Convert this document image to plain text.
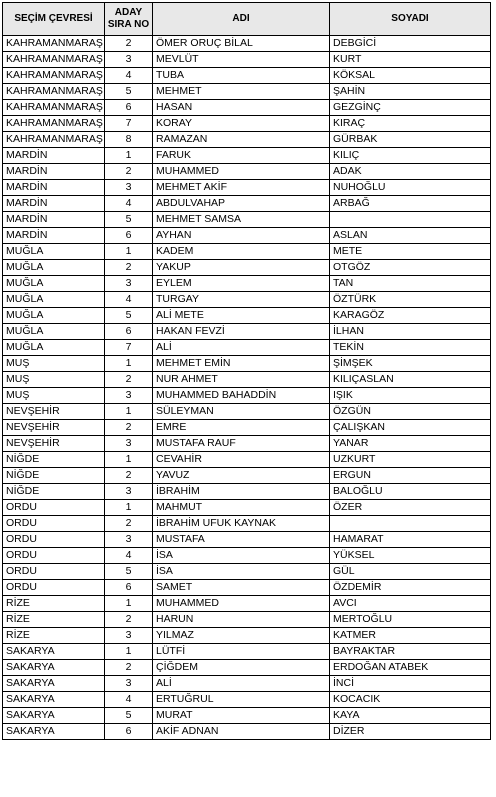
SEÇİM ÇEVRESİ	ADAY
SIRA NO	ADI	SOYADI
KAHRAMANMARAŞ	2	ÖMER ORUÇ BİLAL	DEBGİCİ
KAHRAMANMARAŞ	3	MEVLÜT	KURT
KAHRAMANMARAŞ	4	TUBA	KÖKSAL
KAHRAMANMARAŞ	5	MEHMET	ŞAHİN
KAHRAMANMARAŞ	6	HASAN	GEZGİNÇ
KAHRAMANMARAŞ	7	KORAY	KIRAÇ
KAHRAMANMARAŞ	8	RAMAZAN	GÜRBAK
MARDİN	1	FARUK	KILIÇ
MARDİN	2	MUHAMMED	ADAK
MARDİN	3	MEHMET AKİF	NUHOĞLU
MARDİN	4	ABDULVAHAP	ARBAĞ
MARDİN	5	MEHMET SAMSA	
MARDİN	6	AYHAN	ASLAN
MUĞLA	1	KADEM	METE
MUĞLA	2	YAKUP	OTGÖZ
MUĞLA	3	EYLEM	TAN
MUĞLA	4	TURGAY	ÖZTÜRK
MUĞLA	5	ALİ METE	KARAGÖZ
MUĞLA	6	HAKAN FEVZİ	İLHAN
MUĞLA	7	ALİ	TEKİN
MUŞ	1	MEHMET EMİN	ŞİMŞEK
MUŞ	2	NUR AHMET	KILIÇASLAN
MUŞ	3	MUHAMMED BAHADDİN	IŞIK
NEVŞEHİR	1	SÜLEYMAN	ÖZGÜN
NEVŞEHİR	2	EMRE	ÇALIŞKAN
NEVŞEHİR	3	MUSTAFA RAUF	YANAR
NİĞDE	1	CEVAHİR	UZKURT
NİĞDE	2	YAVUZ	ERGUN
NİĞDE	3	İBRAHİM	BALOĞLU
ORDU	1	MAHMUT	ÖZER
ORDU	2	İBRAHİM UFUK KAYNAK	
ORDU	3	MUSTAFA	HAMARAT
ORDU	4	İSA	YÜKSEL
ORDU	5	İSA	GÜL
ORDU	6	SAMET	ÖZDEMİR
RİZE	1	MUHAMMED	AVCI
RİZE	2	HARUN	MERTOĞLU
RİZE	3	YILMAZ	KATMER
SAKARYA	1	LÜTFİ	BAYRAKTAR
SAKARYA	2	ÇİĞDEM	ERDOĞAN ATABEK
SAKARYA	3	ALİ	İNCİ
SAKARYA	4	ERTUĞRUL	KOCACIK
SAKARYA	5	MURAT	KAYA
SAKARYA	6	AKİF ADNAN	DİZER
